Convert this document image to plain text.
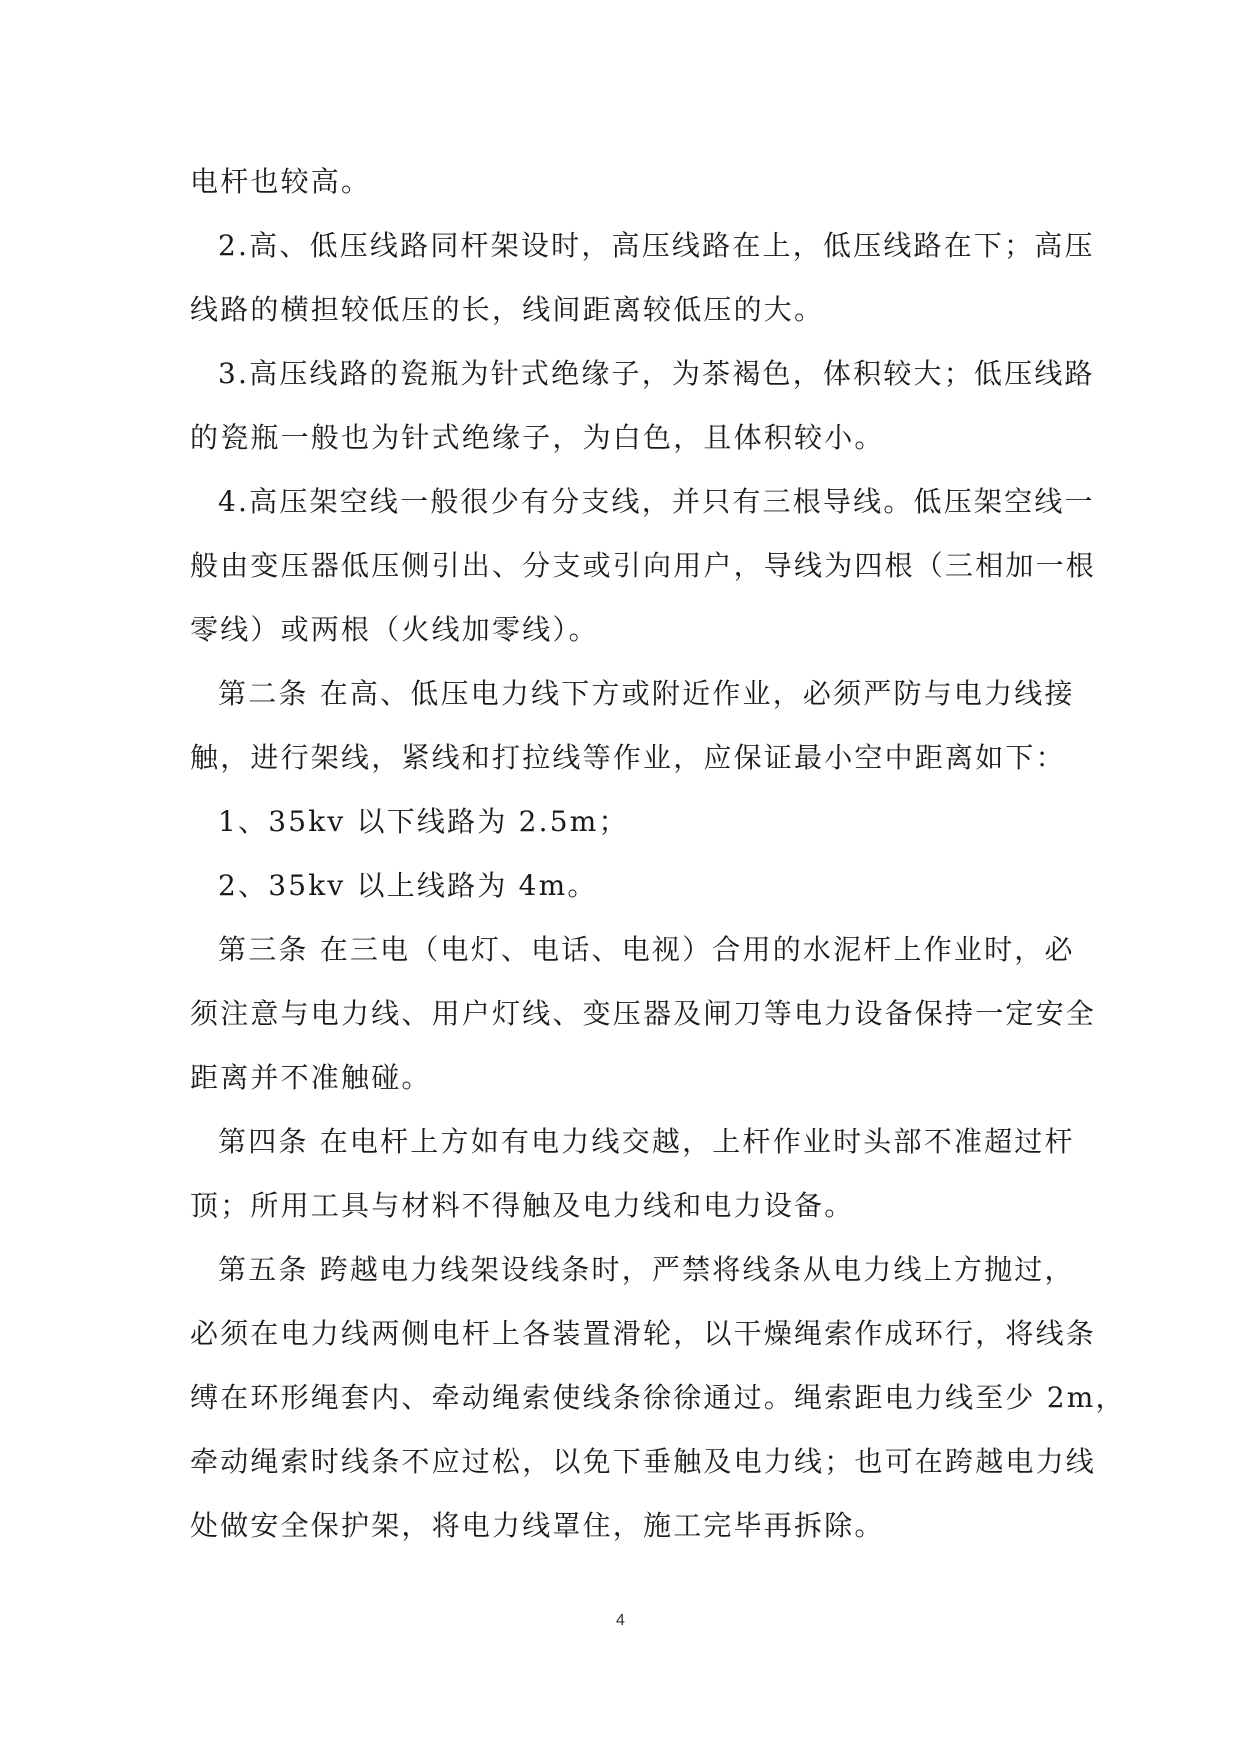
电杆也较高。
2.高、低压线路同杆架设时，高压线路在上，低压线路在下；高压
线路的横担较低压的长，线间距离较低压的大。
3.高压线路的瓷瓶为针式绝缘子，为茶褐色，体积较大；低压线路
的瓷瓶一般也为针式绝缘子，为白色，且体积较小。
4.高压架空线一般很少有分支线，并只有三根导线。低压架空线一
般由变压器低压侧引出、分支或引向用户，导线为四根（三相加一根
零线）或两根（火线加零线）。
第二条 在高、低压电力线下方或附近作业，必须严防与电力线接
触，进行架线，紧线和打拉线等作业，应保证最小空中距离如下：
1、35kv 以下线路为 2.5m；
2、35kv 以上线路为 4m。
第三条 在三电（电灯、电话、电视）合用的水泥杆上作业时，必
须注意与电力线、用户灯线、变压器及闸刀等电力设备保持一定安全
距离并不准触碰。
第四条 在电杆上方如有电力线交越，上杆作业时头部不准超过杆
顶；所用工具与材料不得触及电力线和电力设备。
第五条 跨越电力线架设线条时，严禁将线条从电力线上方抛过，
必须在电力线两侧电杆上各装置滑轮，以干燥绳索作成环行，将线条
缚在环形绳套内、牵动绳索使线条徐徐通过。绳索距电力线至少 2m，
牵动绳索时线条不应过松，以免下垂触及电力线；也可在跨越电力线
处做安全保护架，将电力线罩住，施工完毕再拆除。
4
